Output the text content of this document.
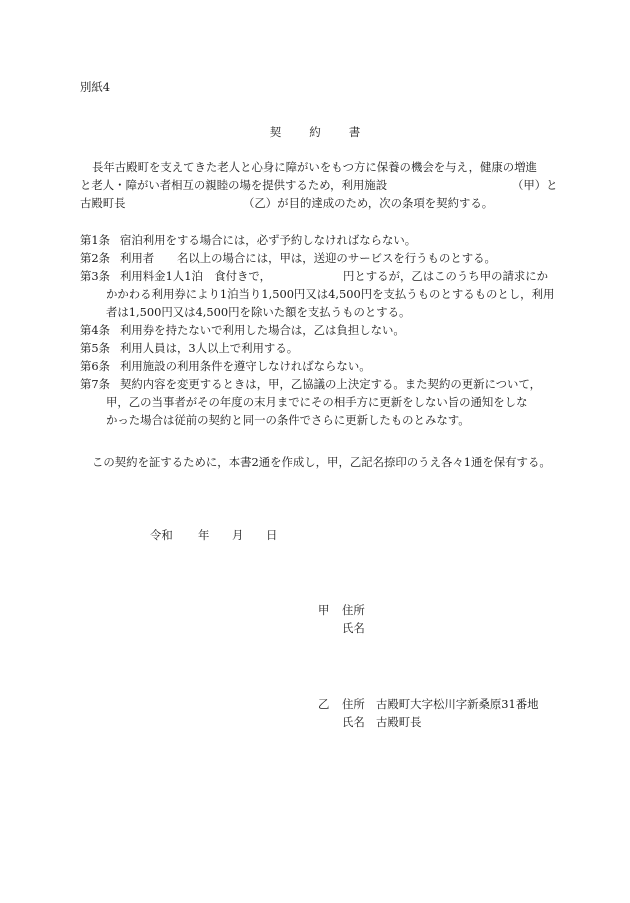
別紙4
契 約 書
長年古殿町を支えてきた老人と心身に障がいをもつ方に保養の機会を与え，健康の増進
と老人・障がい者相互の親睦の場を提供するため，利用施設	（甲）と
古殿町長	（乙）が目的達成のため，次の条項を契約する。
第1条 宿泊利用をする場合には，必ず予約しなければならない。
第2条 利用者　　名以上の場合には，甲は，送迎のサービスを行うものとする。
第3条 利用料金1人1泊　食付きで，	円とするが，乙はこのうち甲の請求にか
かかわる利用券により1泊当り1,500円又は4,500円を支払うものとするものとし，利用
者は1,500円又は4,500円を除いた額を支払うものとする。
第4条 利用券を持たないで利用した場合は，乙は負担しない。
第5条 利用人員は，3人以上で利用する。
第6条 利用施設の利用条件を遵守しなければならない。
第7条 契約内容を変更するときは，甲，乙協議の上決定する。また契約の更新について，
甲，乙の当事者がその年度の末月までにその相手方に更新をしない旨の通知をしな
かった場合は従前の契約と同一の条件でさらに更新したものとみなす。
この契約を証するために，本書2通を作成し，甲，乙記名捺印のうえ各々1通を保有する。
令和 年 月 日
甲 住所
氏名
乙 住所 古殿町大字松川字新桑原31番地
氏名 古殿町長
